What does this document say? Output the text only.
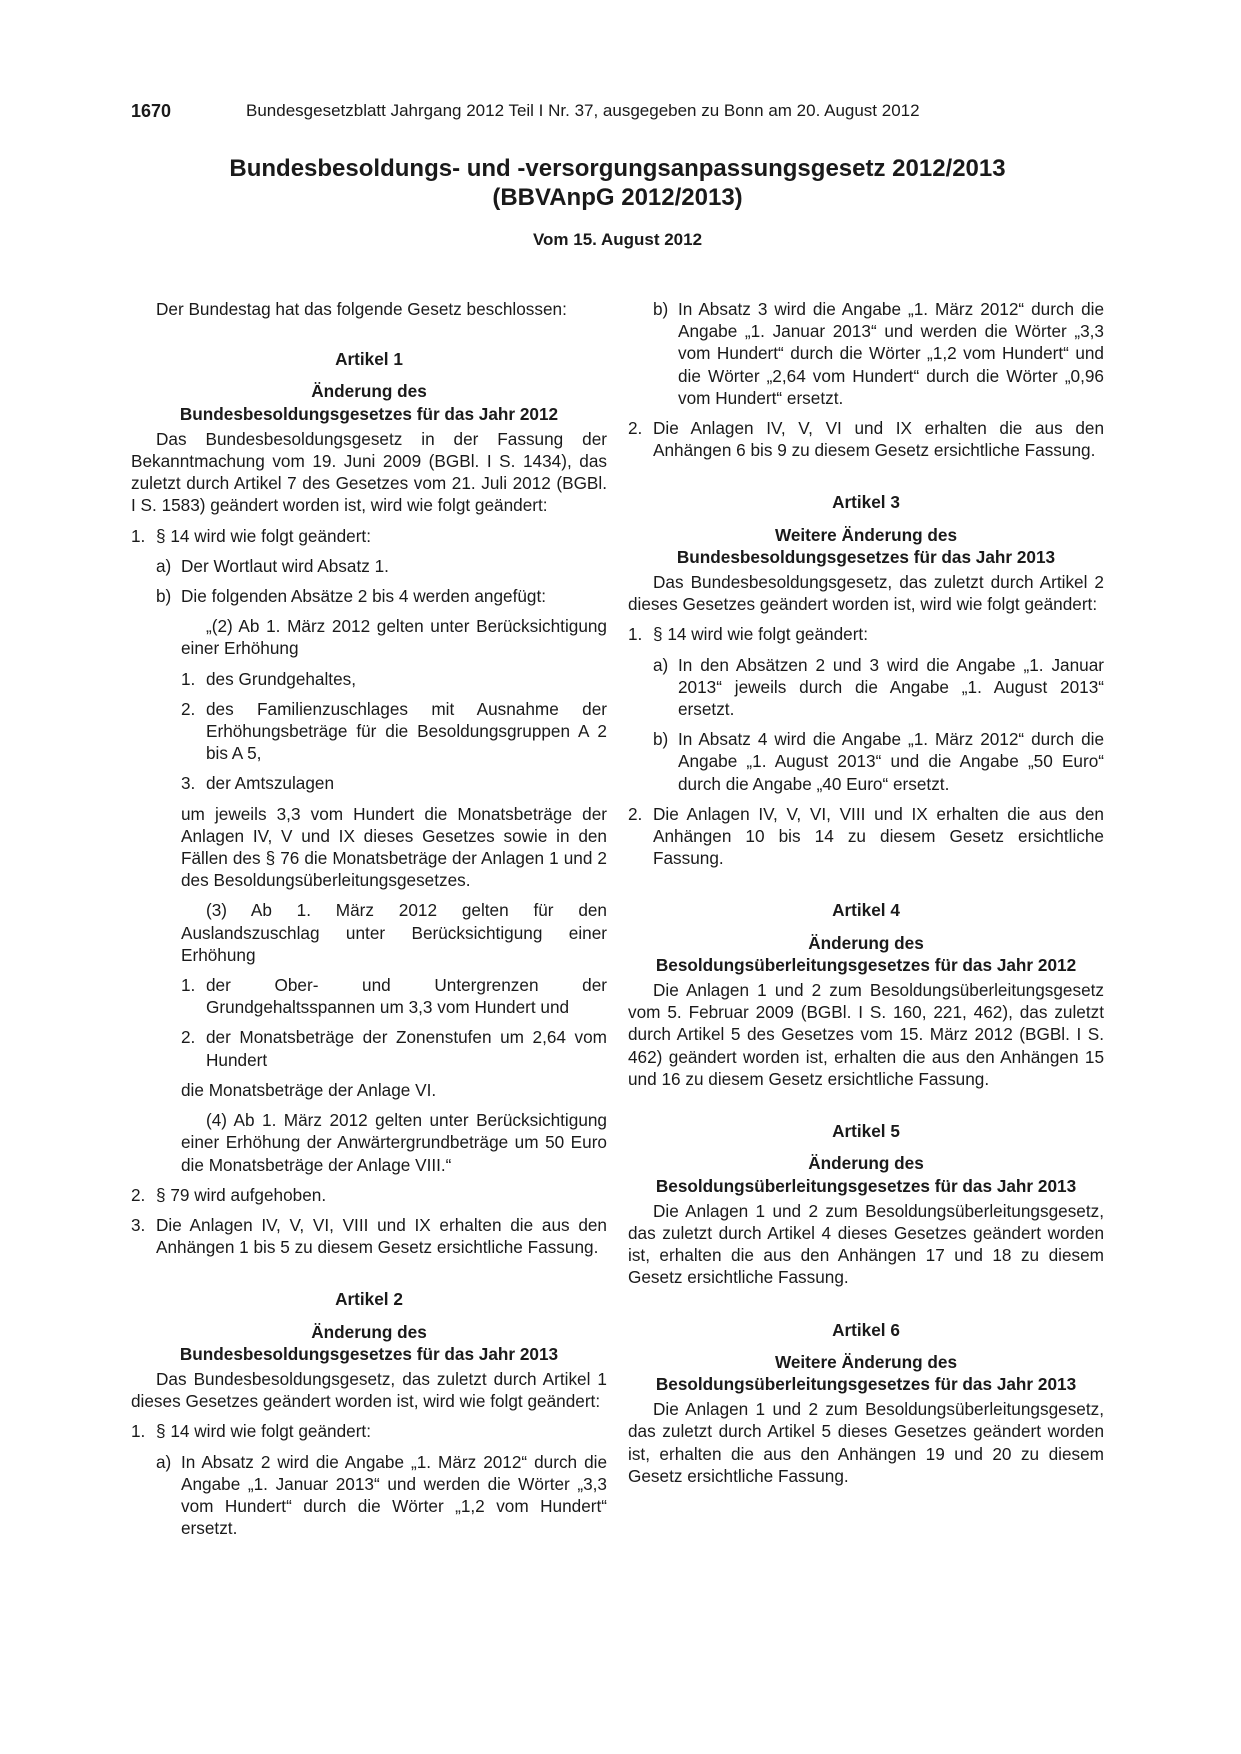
1670	Bundesgesetzblatt Jahrgang 2012 Teil I Nr. 37, ausgegeben zu Bonn am 20. August 2012
Bundesbesoldungs- und -versorgungsanpassungsgesetz 2012/2013
(BBVAnpG 2012/2013)
Vom 15. August 2012

Der Bundestag hat das folgende Gesetz beschlossen:

Artikel 1
Änderung des
Bundesbesoldungsgesetzes für das Jahr 2012

Das Bundesbesoldungsgesetz in der Fassung der Bekanntmachung vom 19. Juni 2009 (BGBl. I S. 1434), das zuletzt durch Artikel 7 des Gesetzes vom 21. Juli 2012 (BGBl. I S. 1583) geändert worden ist, wird wie folgt geändert:

1. § 14 wird wie folgt geändert:
a) Der Wortlaut wird Absatz 1.
b) Die folgenden Absätze 2 bis 4 werden angefügt:
„(2) Ab 1. März 2012 gelten unter Berücksichtigung einer Erhöhung
1. des Grundgehaltes,
2. des Familienzuschlages mit Ausnahme der Erhöhungsbeträge für die Besoldungsgruppen A 2 bis A 5,
3. der Amtszulagen
um jeweils 3,3 vom Hundert die Monatsbeträge der Anlagen IV, V und IX dieses Gesetzes sowie in den Fällen des § 76 die Monatsbeträge der Anlagen 1 und 2 des Besoldungsüberleitungsgesetzes.
(3) Ab 1. März 2012 gelten für den Auslandszuschlag unter Berücksichtigung einer Erhöhung
1. der Ober- und Untergrenzen der Grundgehaltsspannen um 3,3 vom Hundert und
2. der Monatsbeträge der Zonenstufen um 2,64 vom Hundert
die Monatsbeträge der Anlage VI.
(4) Ab 1. März 2012 gelten unter Berücksichtigung einer Erhöhung der Anwärtergrundbeträge um 50 Euro die Monatsbeträge der Anlage VIII.“
2. § 79 wird aufgehoben.
3. Die Anlagen IV, V, VI, VIII und IX erhalten die aus den Anhängen 1 bis 5 zu diesem Gesetz ersichtliche Fassung.
Artikel 2
Änderung des
Bundesbesoldungsgesetzes für das Jahr 2013

Das Bundesbesoldungsgesetz, das zuletzt durch Artikel 1 dieses Gesetzes geändert worden ist, wird wie folgt geändert:

1. § 14 wird wie folgt geändert:
a) In Absatz 2 wird die Angabe „1. März 2012“ durch die Angabe „1. Januar 2013“ und werden die Wörter „3,3 vom Hundert“ durch die Wörter „1,2 vom Hundert“ ersetzt.
b) In Absatz 3 wird die Angabe „1. März 2012“ durch die Angabe „1. Januar 2013“ und werden die Wörter „3,3 vom Hundert“ durch die Wörter „1,2 vom Hundert“ und die Wörter „2,64 vom Hundert“ durch die Wörter „0,96 vom Hundert“ ersetzt.
2. Die Anlagen IV, V, VI und IX erhalten die aus den Anhängen 6 bis 9 zu diesem Gesetz ersichtliche Fassung.
Artikel 3
Weitere Änderung des
Bundesbesoldungsgesetzes für das Jahr 2013

Das Bundesbesoldungsgesetz, das zuletzt durch Artikel 2 dieses Gesetzes geändert worden ist, wird wie folgt geändert:

1. § 14 wird wie folgt geändert:
a) In den Absätzen 2 und 3 wird die Angabe „1. Januar 2013“ jeweils durch die Angabe „1. August 2013“ ersetzt.
b) In Absatz 4 wird die Angabe „1. März 2012“ durch die Angabe „1. August 2013“ und die Angabe „50 Euro“ durch die Angabe „40 Euro“ ersetzt.
2. Die Anlagen IV, V, VI, VIII und IX erhalten die aus den Anhängen 10 bis 14 zu diesem Gesetz ersichtliche Fassung.
Artikel 4
Änderung des
Besoldungsüberleitungsgesetzes für das Jahr 2012

Die Anlagen 1 und 2 zum Besoldungsüberleitungsgesetz vom 5. Februar 2009 (BGBl. I S. 160, 221, 462), das zuletzt durch Artikel 5 des Gesetzes vom 15. März 2012 (BGBl. I S. 462) geändert worden ist, erhalten die aus den Anhängen 15 und 16 zu diesem Gesetz ersichtliche Fassung.

Artikel 5
Änderung des
Besoldungsüberleitungsgesetzes für das Jahr 2013

Die Anlagen 1 und 2 zum Besoldungsüberleitungsgesetz, das zuletzt durch Artikel 4 dieses Gesetzes geändert worden ist, erhalten die aus den Anhängen 17 und 18 zu diesem Gesetz ersichtliche Fassung.

Artikel 6
Weitere Änderung des
Besoldungsüberleitungsgesetzes für das Jahr 2013

Die Anlagen 1 und 2 zum Besoldungsüberleitungsgesetz, das zuletzt durch Artikel 5 dieses Gesetzes geändert worden ist, erhalten die aus den Anhängen 19 und 20 zu diesem Gesetz ersichtliche Fassung.
